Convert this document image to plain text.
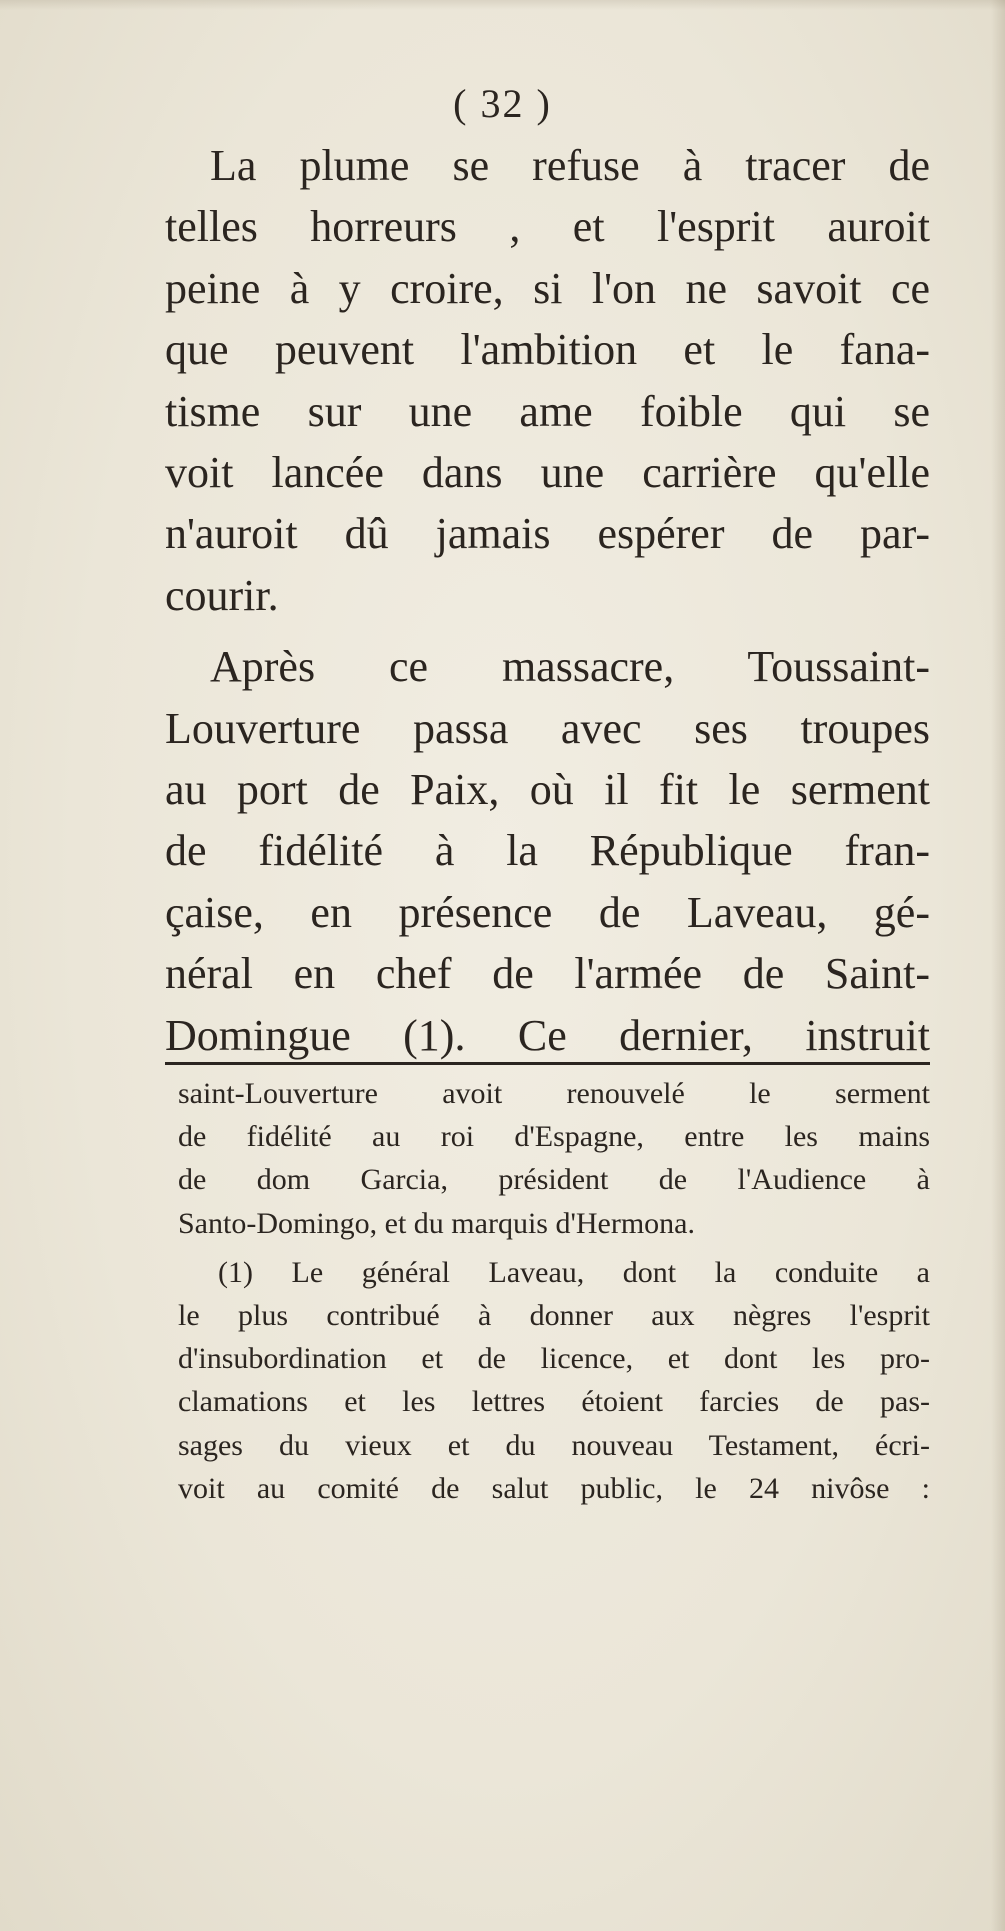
( 32 )
La plume se refuse à tracer de
telles horreurs , et l'esprit auroit
peine à y croire, si l'on ne savoit ce
que peuvent l'ambition et le fana-
tisme sur une ame foible qui se
voit lancée dans une carrière qu'elle
n'auroit dû jamais espérer de par-
courir.
Après ce massacre, Toussaint-
Louverture passa avec ses troupes
au port de Paix, où il fit le serment
de fidélité à la République fran-
çaise, en présence de Laveau, gé-
néral en chef de l'armée de Saint-
Domingue (1). Ce dernier, instruit
saint-Louverture avoit renouvelé le serment
de fidélité au roi d'Espagne, entre les mains
de dom Garcia, président de l'Audience à
Santo-Domingo, et du marquis d'Hermona.
(1) Le général Laveau, dont la conduite a
le plus contribué à donner aux nègres l'esprit
d'insubordination et de licence, et dont les pro-
clamations et les lettres étoient farcies de pas-
sages du vieux et du nouveau Testament, écri-
voit au comité de salut public, le 24 nivôse :
